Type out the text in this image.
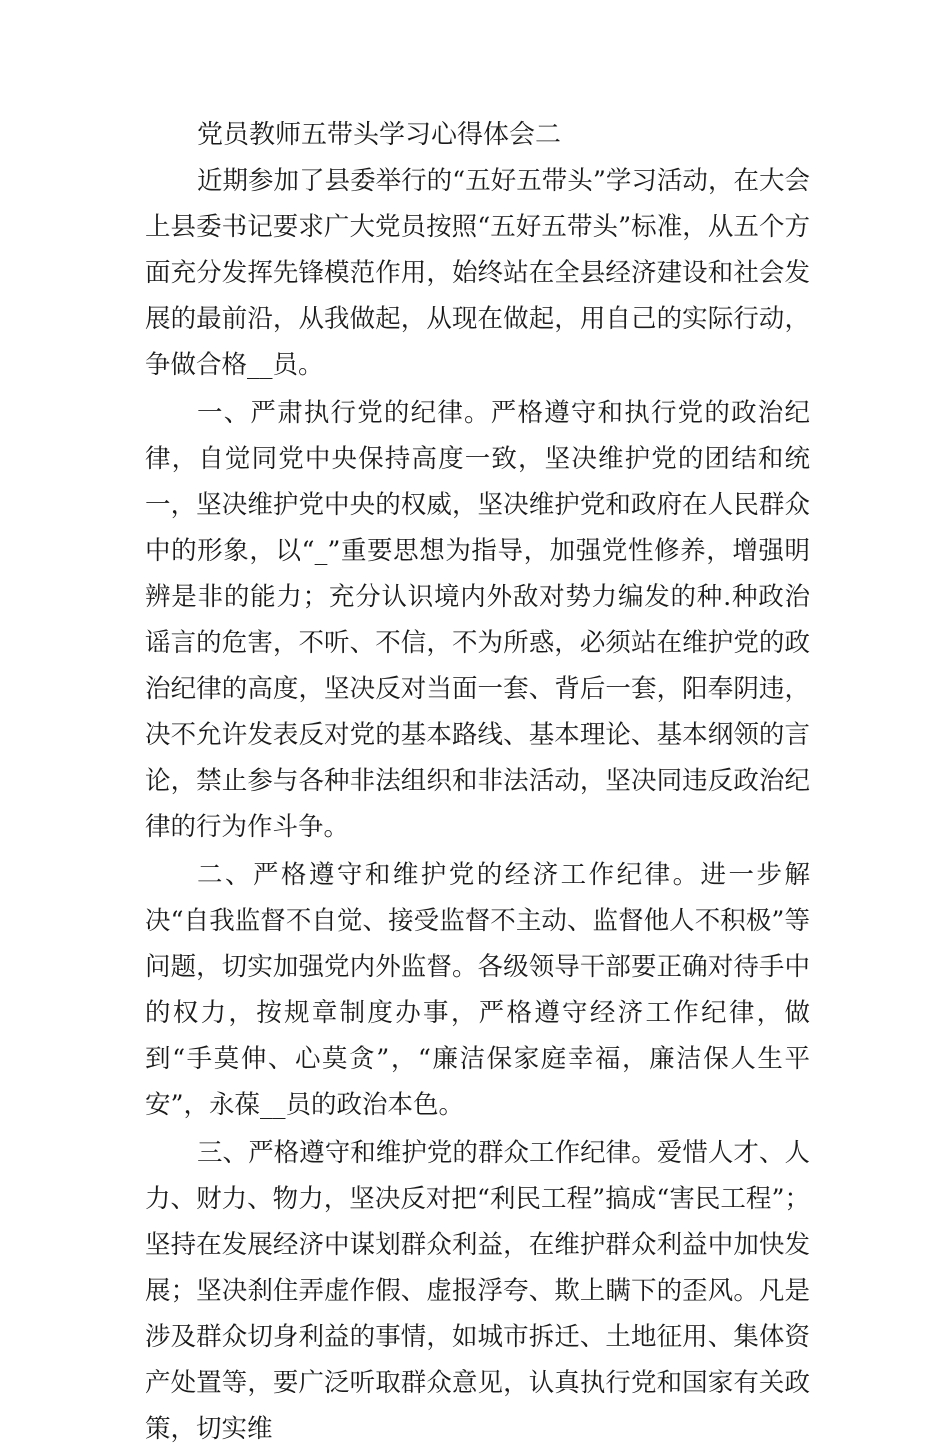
党员教师五带头学习心得体会二

近期参加了县委举行的“五好五带头”学习活动，在大会上县委书记要求广大党员按照“五好五带头”标准，从五个方面充分发挥先锋模范作用，始终站在全县经济建设和社会发展的最前沿，从我做起，从现在做起，用自己的实际行动，争做合格__员。

一、严肃执行党的纪律。严格遵守和执行党的政治纪律，自觉同党中央保持高度一致，坚决维护党的团结和统一，坚决维护党中央的权威，坚决维护党和政府在人民群众中的形象，以“_”重要思想为指导，加强党性修养，增强明辨是非的能力；充分认识境内外敌对势力编发的种.种政治谣言的危害，不听、不信，不为所惑，必须站在维护党的政治纪律的高度，坚决反对当面一套、背后一套，阳奉阴违，决不允许发表反对党的基本路线、基本理论、基本纲领的言论，禁止参与各种非法组织和非法活动，坚决同违反政治纪律的行为作斗争。

二、严格遵守和维护党的经济工作纪律。进一步解决“自我监督不自觉、接受监督不主动、监督他人不积极”等问题，切实加强党内外监督。各级领导干部要正确对待手中的权力，按规章制度办事，严格遵守经济工作纪律，做到“手莫伸、心莫贪”，“廉洁保家庭幸福，廉洁保人生平安”，永葆__员的政治本色。

三、严格遵守和维护党的群众工作纪律。爱惜人才、人力、财力、物力，坚决反对把“利民工程”搞成“害民工程”；坚持在发展经济中谋划群众利益，在维护群众利益中加快发展；坚决刹住弄虚作假、虚报浮夸、欺上瞒下的歪风。凡是涉及群众切身利益的事情，如城市拆迁、土地征用、集体资产处置等，要广泛听取群众意见，认真执行党和国家有关政策，切实维
